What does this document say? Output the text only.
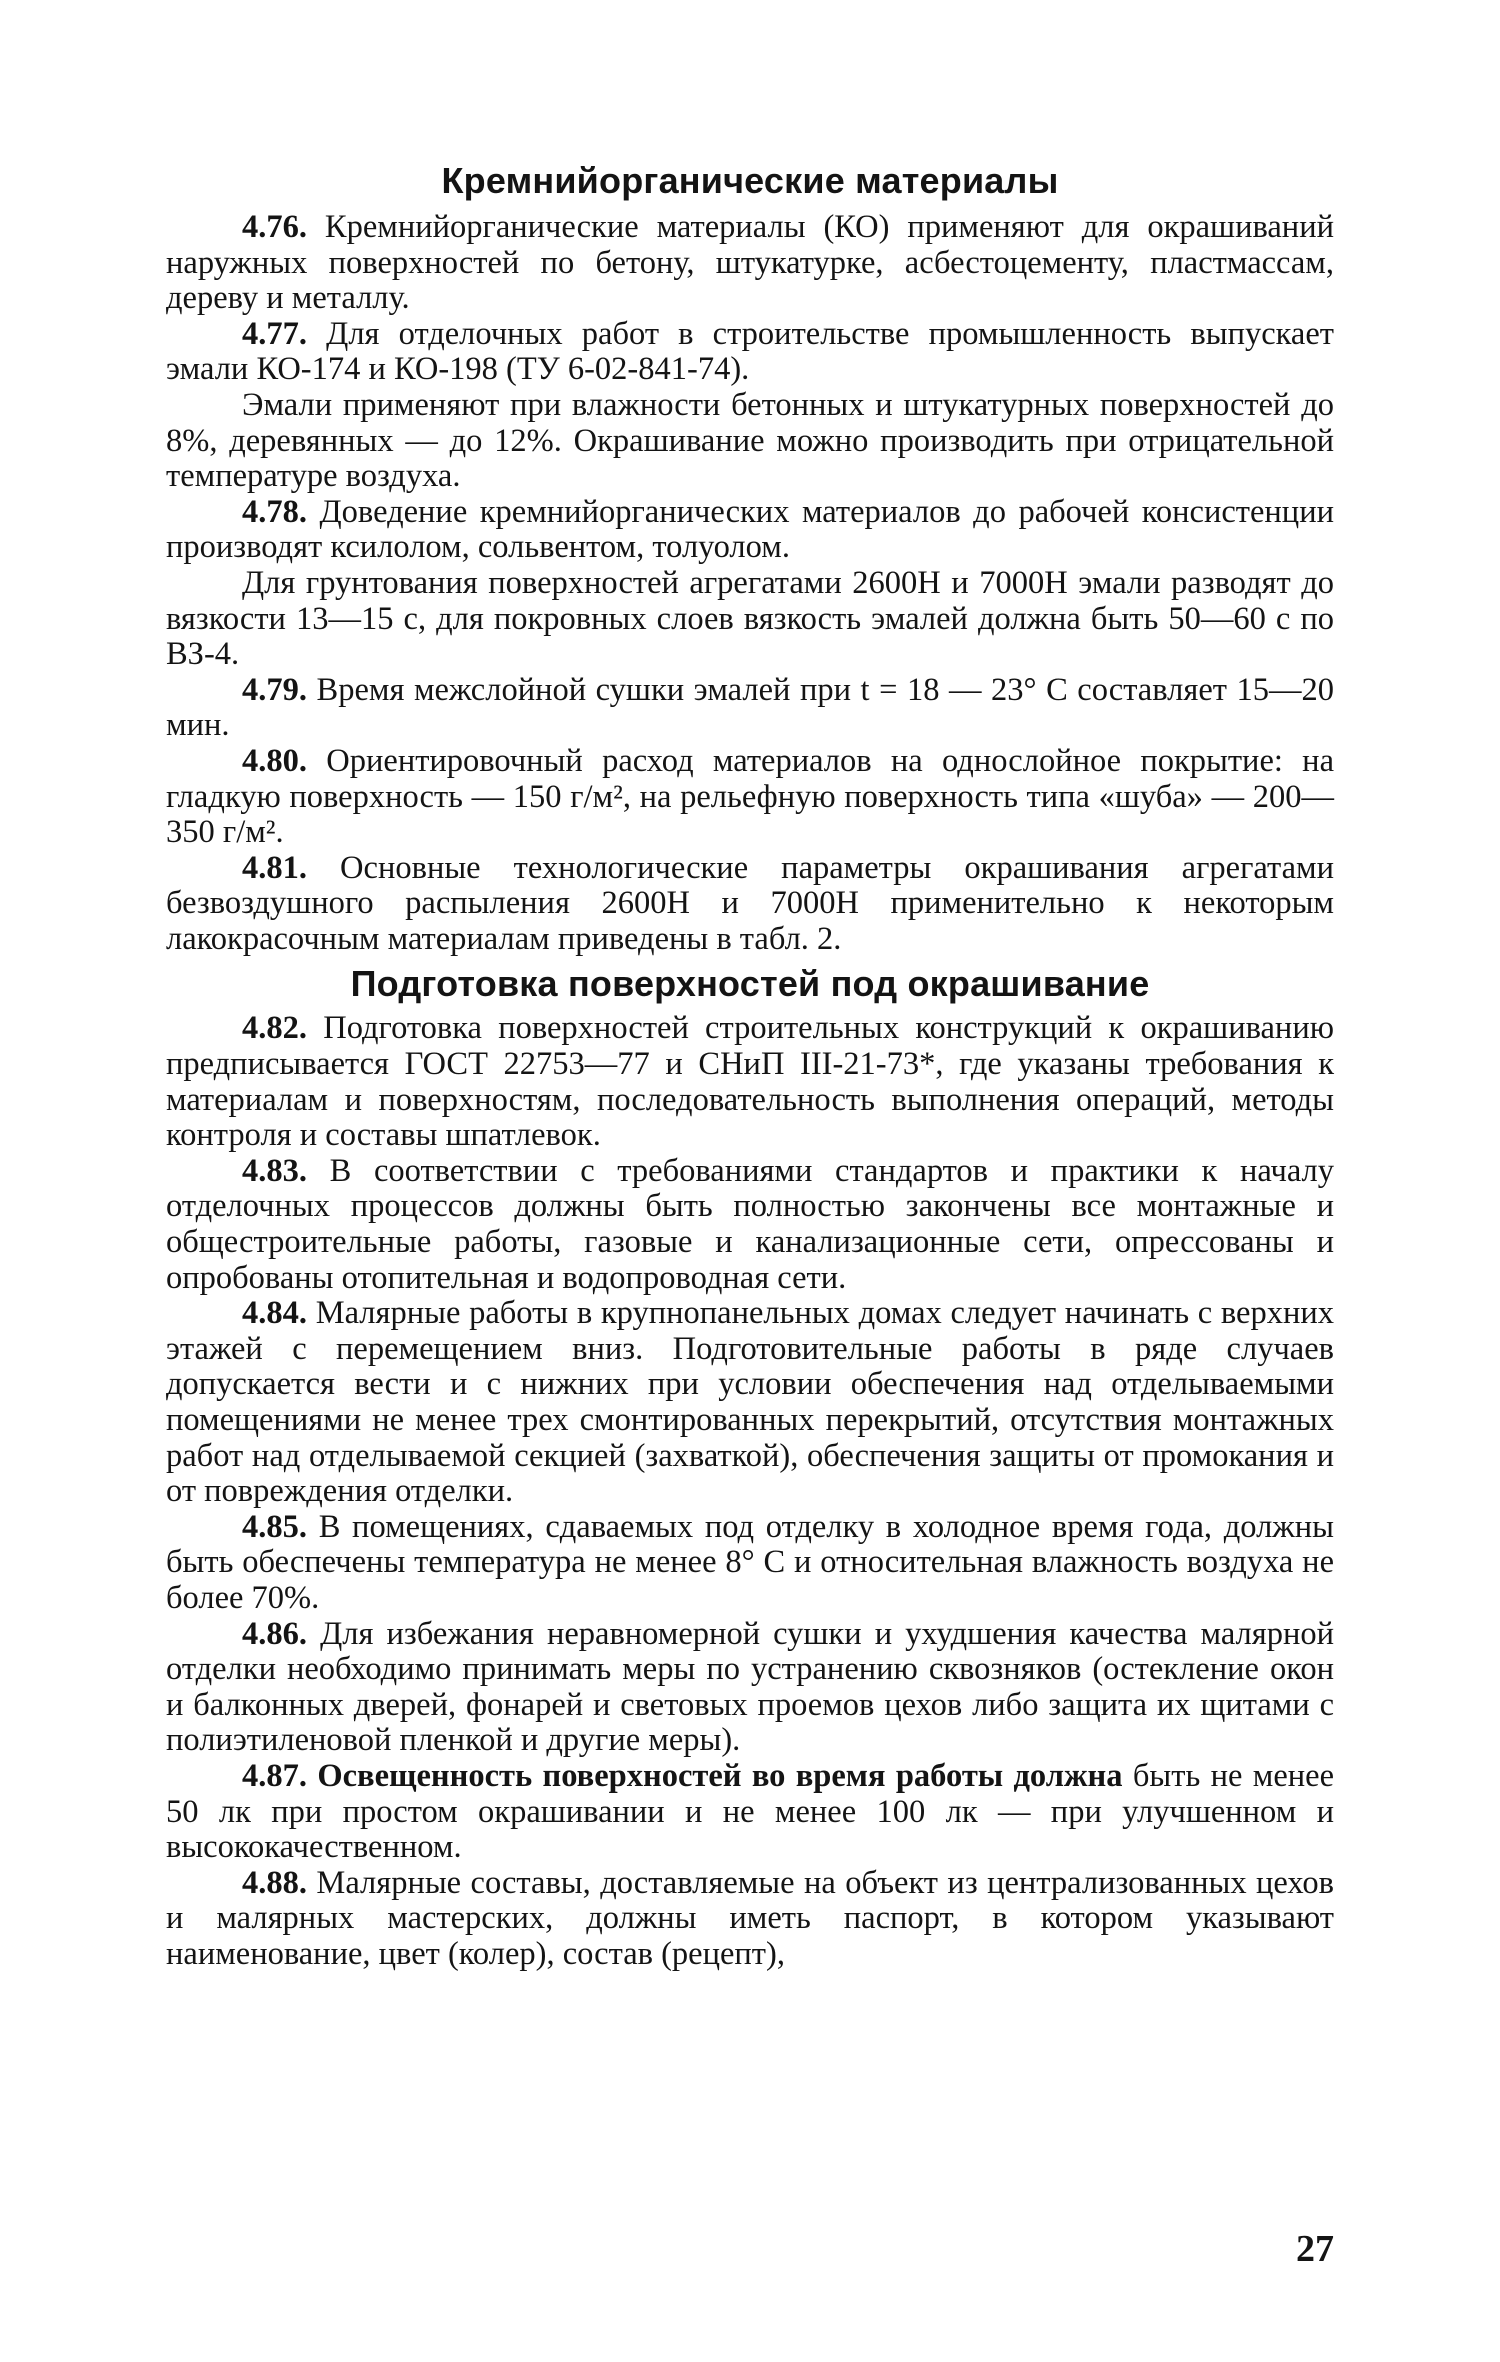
Кремнийорганические материалы

4.76. Кремнийорганические материалы (КО) применяют для окрашиваний наружных поверхностей по бетону, штукатурке, асбестоцементу, пластмассам, дереву и металлу.

4.77. Для отделочных работ в строительстве промышленность выпускает эмали КО-174 и КО-198 (ТУ 6-02-841-74).

Эмали применяют при влажности бетонных и штукатурных поверхностей до 8%, деревянных — до 12%. Окрашивание можно производить при отрицательной температуре воздуха.

4.78. Доведение кремнийорганических материалов до рабочей консистенции производят ксилолом, сольвентом, толуолом.

Для грунтования поверхностей агрегатами 2600Н и 7000Н эмали разводят до вязкости 13—15 с, для покровных слоев вязкость эмалей должна быть 50—60 с по ВЗ-4.

4.79. Время межслойной сушки эмалей при t = 18 — 23° С составляет 15—20 мин.

4.80. Ориентировочный расход материалов на однослойное покрытие: на гладкую поверхность — 150 г/м², на рельефную поверхность типа «шуба» — 200—350 г/м².

4.81. Основные технологические параметры окрашивания агрегатами безвоздушного распыления 2600Н и 7000Н применительно к некоторым лакокрасочным материалам приведены в табл. 2.

Подготовка поверхностей под окрашивание

4.82. Подготовка поверхностей строительных конструкций к окрашиванию предписывается ГОСТ 22753—77 и СНиП III-21-73*, где указаны требования к материалам и поверхностям, последовательность выполнения операций, методы контроля и составы шпатлевок.

4.83. В соответствии с требованиями стандартов и практики к началу отделочных процессов должны быть полностью закончены все монтажные и общестроительные работы, газовые и канализационные сети, опрессованы и опробованы отопительная и водопроводная сети.

4.84. Малярные работы в крупнопанельных домах следует начинать с верхних этажей с перемещением вниз. Подготовительные работы в ряде случаев допускается вести и с нижних при условии обеспечения над отделываемыми помещениями не менее трех смонтированных перекрытий, отсутствия монтажных работ над отделываемой секцией (захваткой), обеспечения защиты от промокания и от повреждения отделки.

4.85. В помещениях, сдаваемых под отделку в холодное время года, должны быть обеспечены температура не менее 8° С и относительная влажность воздуха не более 70%.

4.86. Для избежания неравномерной сушки и ухудшения качества малярной отделки необходимо принимать меры по устранению сквозняков (остекление окон и балконных дверей, фонарей и световых проемов цехов либо защита их щитами с полиэтиленовой пленкой и другие меры).

4.87. Освещенность поверхностей во время работы должна быть не менее 50 лк при простом окрашивании и не менее 100 лк — при улучшенном и высококачественном.

4.88. Малярные составы, доставляемые на объект из централизованных цехов и малярных мастерских, должны иметь паспорт, в котором указывают наименование, цвет (колер), состав (рецепт),

27
